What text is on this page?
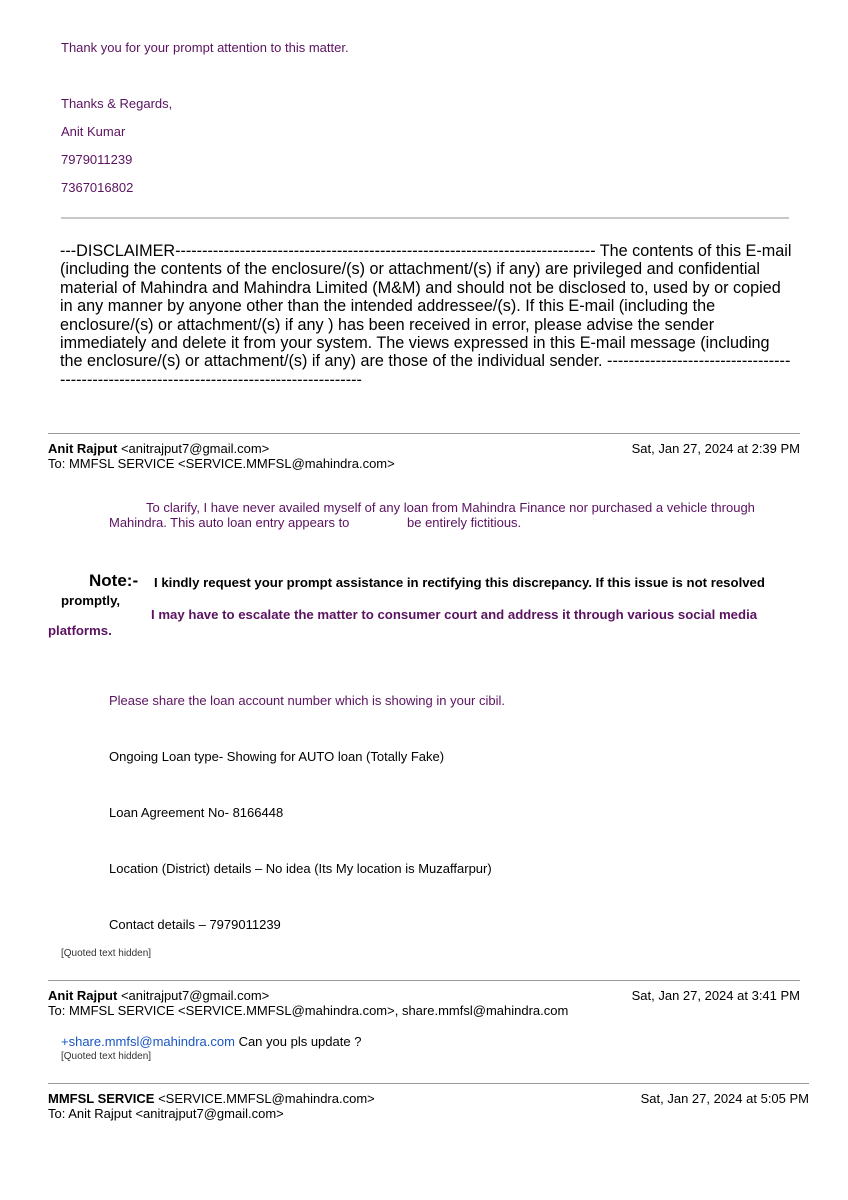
Thank you for your prompt attention to this matter.
Thanks & Regards,
Anit Kumar
7979011239
7367016802
---DISCLAIMER------------------------------------------------------------------------------ The contents of this E-mail
(including the contents of the enclosure/(s) or attachment/(s) if any) are privileged and confidential
material of Mahindra and Mahindra Limited (M&M) and should not be disclosed to, used by or copied
in any manner by anyone other than the intended addressee/(s). If this E-mail (including the
enclosure/(s) or attachment/(s) if any ) has been received in error, please advise the sender
immediately and delete it from your system. The views expressed in this E-mail message (including
the enclosure/(s) or attachment/(s) if any) are those of the individual sender. ----------------------------------
--------------------------------------------------------
Anit Rajput <anitrajput7@gmail.com>	Sat, Jan 27, 2024 at 2:39 PM
To: MMFSL SERVICE <SERVICE.MMFSL@mahindra.com>
To clarify, I have never availed myself of any loan from Mahindra Finance nor purchased a vehicle through
Mahindra. This auto loan entry appears to	be entirely fictitious.
Note:- I kindly request your prompt assistance in rectifying this discrepancy. If this issue is not resolved
promptly,
I may have to escalate the matter to consumer court and address it through various social media
platforms.
Please share the loan account number which is showing in your cibil.
Ongoing Loan type- Showing for AUTO loan (Totally Fake)
Loan Agreement No- 8166448
Location (District) details – No idea (Its My location is Muzaffarpur)
Contact details – 7979011239
[Quoted text hidden]
Anit Rajput <anitrajput7@gmail.com>	Sat, Jan 27, 2024 at 3:41 PM
To: MMFSL SERVICE <SERVICE.MMFSL@mahindra.com>, share.mmfsl@mahindra.com
+share.mmfsl@mahindra.com Can you pls update ?
[Quoted text hidden]
MMFSL SERVICE <SERVICE.MMFSL@mahindra.com>	Sat, Jan 27, 2024 at 5:05 PM
To: Anit Rajput <anitrajput7@gmail.com>
